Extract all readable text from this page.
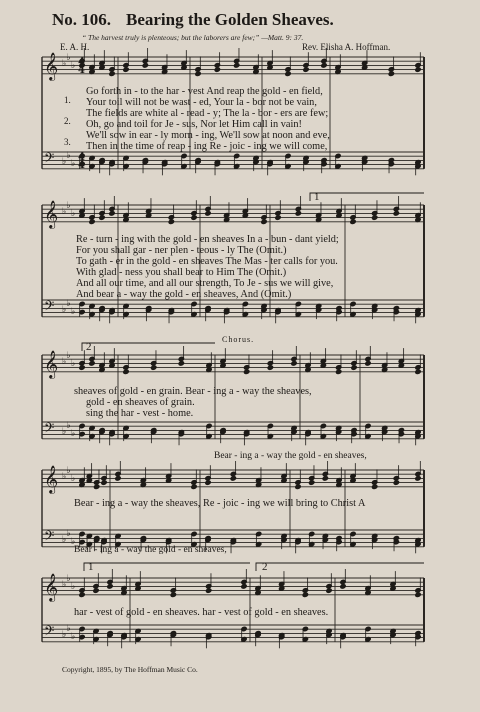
No. 106. Bearing the Golden Sheaves.
“ The harvest truly is plenteous; but the laborers are few;” —Matt. 9: 37.
E. A. H.	Rev. Elisha A. Hoffman.
𝄞
𝄢
♭
♭
♭
♭
♭
♭
𝄞
𝄢
♭
♭
♭
♭
♭
♭
𝄞
𝄢
♭
♭
♭
♭
♭
♭
𝄞
𝄢
♭
♭
♭
♭
♭
♭
𝄞
𝄢
♭
♭
♭
♭
♭
♭
4
4
4
4
1.
2.
3.
Go forth in - to the har - vest And reap the gold - en field,
Your toil will not be wast - ed, Your la - bor not be vain,
The fields are white al - read - y; The la - bor - ers are few;
Oh, go and toil for Je - sus, Nor let Him call in vain!
We'll sow in ear - ly morn - ing, We'll sow at noon and eve,
Then in the time of reap - ing Re - joic - ing we will come,
1
Re - turn - ing with the gold - en sheaves In a - bun - dant yield;
For you shall gar - ner plen - teous - ly The (Omit.)
To gath - er in the gold - en sheaves The Mas - ter calls for you.
With glad - ness you shall bear to Him The (Omit.)
And all our time, and all our strength, To Je - sus we will give,
And bear a - way the gold - en sheaves, And (Omit.)
2
Chorus.
sheaves of gold - en grain. Bear - ing a - way the sheaves,
gold - en sheaves of grain.
sing the har - vest - home.
Bear - ing a - way the gold - en sheaves,
Bear - ing a - way the sheaves, Re - joic - ing we will bring to Christ A
Bear - ing a - way the gold - en sheaves,
1	2
har - vest of gold - en sheaves. har - vest of gold - en sheaves.
Copyright, 1895, by The Hoffman Music Co.
